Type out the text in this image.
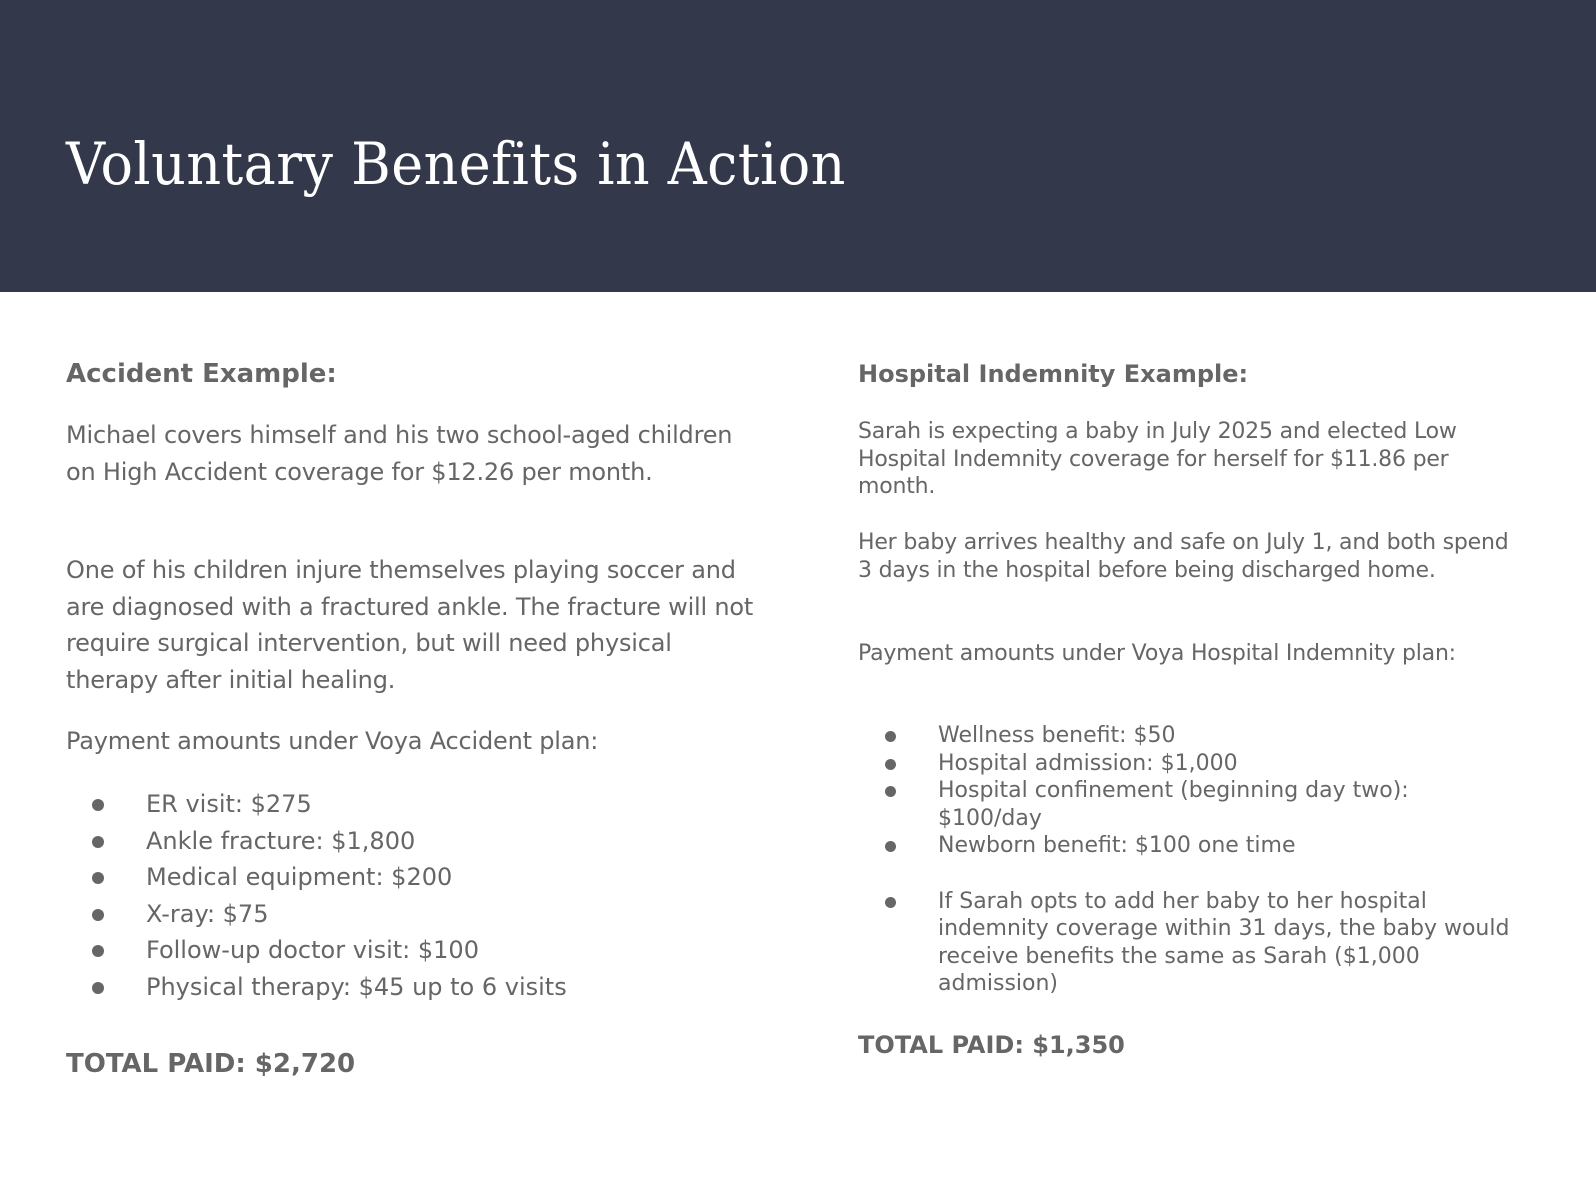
Voluntary Benefits in Action
Accident Example:

Michael covers himself and his two school-aged children on High Accident coverage for $12.26 per month.

One of his children injure themselves playing soccer and are diagnosed with a fractured ankle. The fracture will not require surgical intervention, but will need physical therapy after initial healing.

Payment amounts under Voya Accident plan:

ER visit: $275
Ankle fracture: $1,800
Medical equipment: $200
X-ray: $75
Follow-up doctor visit: $100
Physical therapy: $45 up to 6 visits

TOTAL PAID: $2,720

Hospital Indemnity Example:

Sarah is expecting a baby in July 2025 and elected Low Hospital Indemnity coverage for herself for $11.86 per month.

Her baby arrives healthy and safe on July 1, and both spend 3 days in the hospital before being discharged home.

Payment amounts under Voya Hospital Indemnity plan:

Wellness benefit: $50
Hospital admission: $1,000
Hospital confinement (beginning day two): $100/day
Newborn benefit: $100 one time
If Sarah opts to add her baby to her hospital indemnity coverage within 31 days, the baby would receive benefits the same as Sarah ($1,000 admission)

TOTAL PAID: $1,350
